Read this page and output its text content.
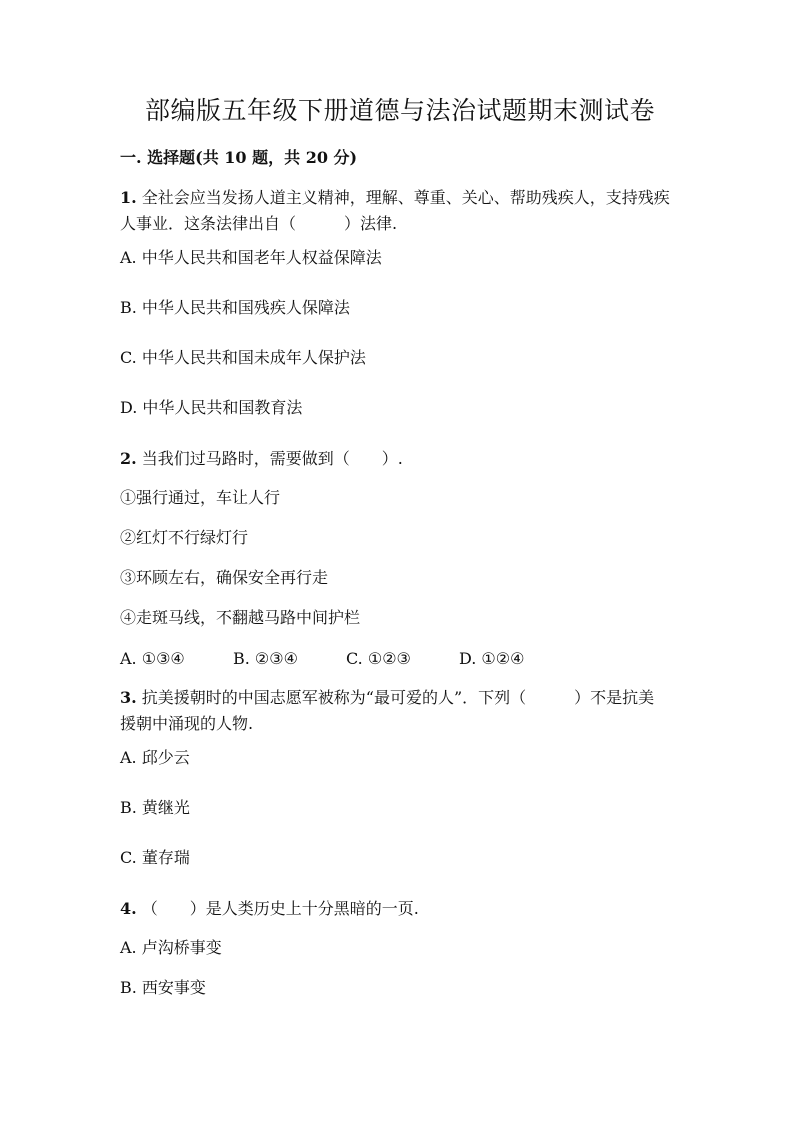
部编版五年级下册道德与法治试题期末测试卷
一. 选择题(共 10 题，共 20 分)
1. 全社会应当发扬人道主义精神，理解、尊重、关心、帮助残疾人，支持残疾
人事业．这条法律出自（　　　）法律.
A. 中华人民共和国老年人权益保障法
B. 中华人民共和国残疾人保障法
C. 中华人民共和国未成年人保护法
D. 中华人民共和国教育法
2. 当我们过马路时，需要做到（　　）.
①强行通过，车让人行
②红灯不行绿灯行
③环顾左右，确保安全再行走
④走斑马线，不翻越马路中间护栏
A. ①③④	B. ②③④	C. ①②③	D. ①②④
3. 抗美援朝时的中国志愿军被称为“最可爱的人”．下列（　　　）不是抗美
援朝中涌现的人物.
A. 邱少云
B. 黄继光
C. 董存瑞
4. （　　）是人类历史上十分黑暗的一页.
A. 卢沟桥事变
B. 西安事变
